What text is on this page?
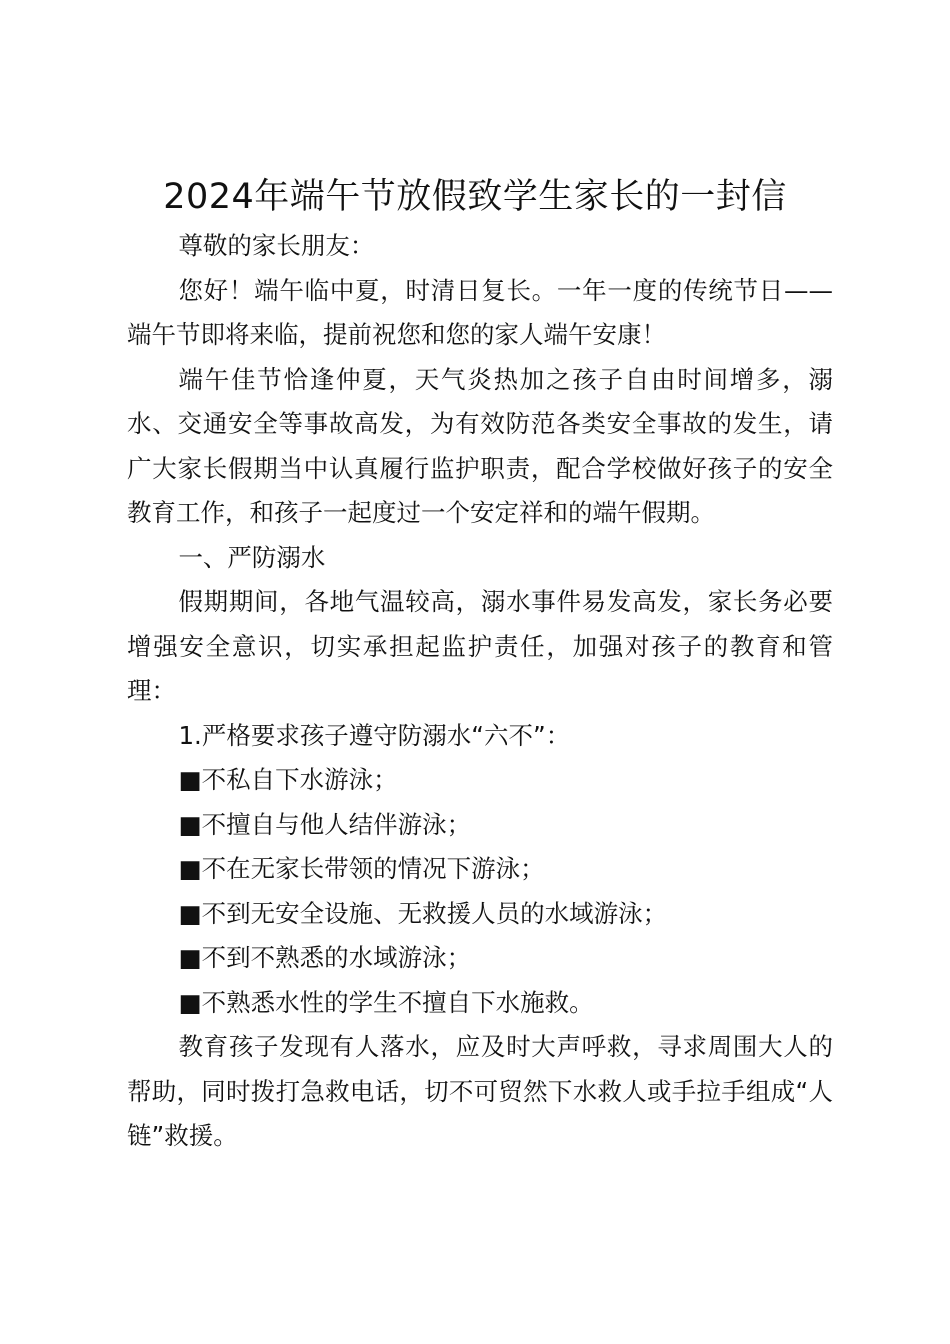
2024年端午节放假致学生家长的一封信

尊敬的家长朋友：

您好！端午临中夏，时清日复长。一年一度的传统节日——端午节即将来临，提前祝您和您的家人端午安康！

端午佳节恰逢仲夏，天气炎热加之孩子自由时间增多，溺水、交通安全等事故高发，为有效防范各类安全事故的发生，请广大家长假期当中认真履行监护职责，配合学校做好孩子的安全教育工作，和孩子一起度过一个安定祥和的端午假期。

一、严防溺水

假期期间，各地气温较高，溺水事件易发高发，家长务必要增强安全意识，切实承担起监护责任，加强对孩子的教育和管理：

1.严格要求孩子遵守防溺水“六不”：

■不私自下水游泳；

■不擅自与他人结伴游泳；

■不在无家长带领的情况下游泳；

■不到无安全设施、无救援人员的水域游泳；

■不到不熟悉的水域游泳；

■不熟悉水性的学生不擅自下水施救。

教育孩子发现有人落水，应及时大声呼救，寻求周围大人的帮助，同时拨打急救电话，切不可贸然下水救人或手拉手组成“人链”救援。
